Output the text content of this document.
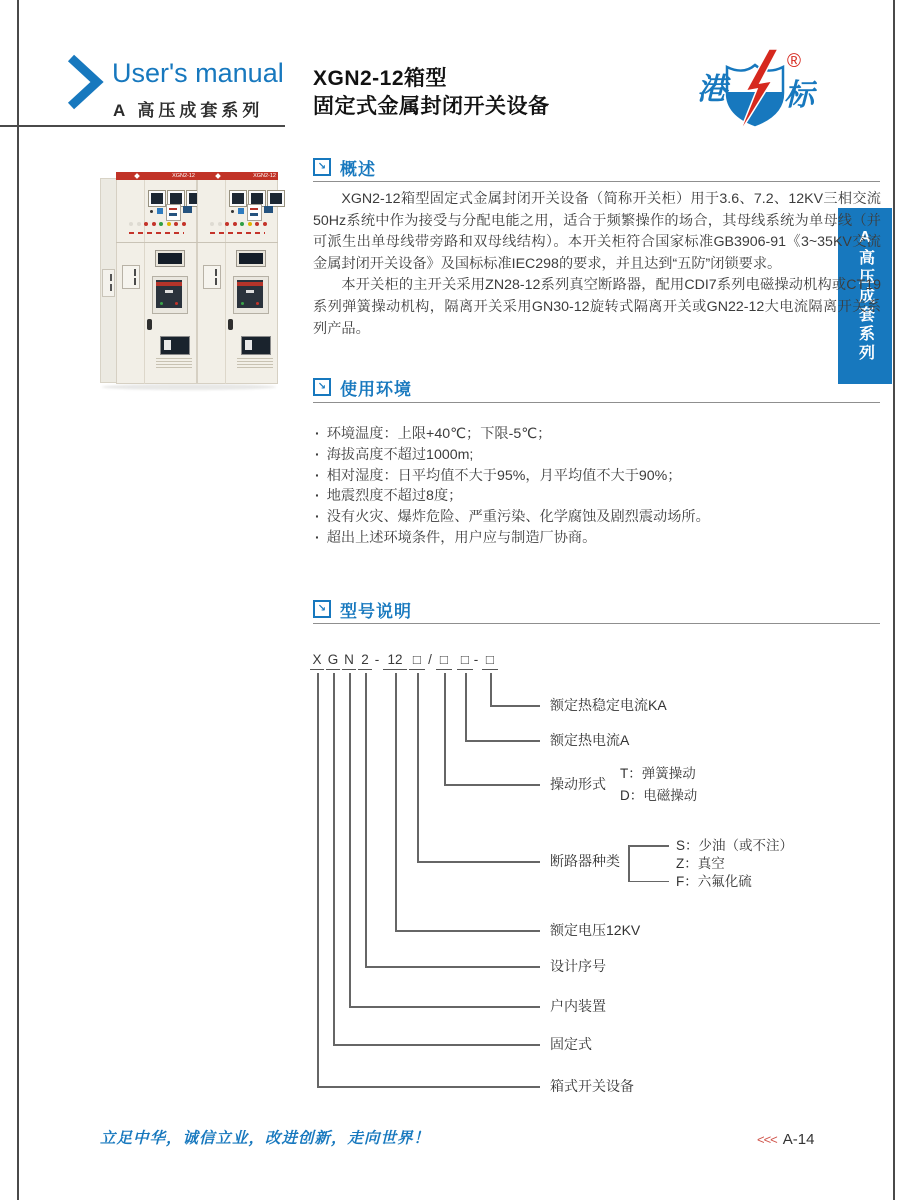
User's manual
A 高压成套系列
XGN2-12箱型
固定式金属封闭开关设备
港 标
®
A高压成套系列
XGN2-12	XGN2-12
↘ 概述

XGN2-12箱型固定式金属封闭开关设备（简称开关柜）用于3.6、7.2、12KV三相交流50Hz系统中作为接受与分配电能之用，适合于频繁操作的场合，其母线系统为单母线（并可派生出单母线带旁路和双母线结构）。本开关柜符合国家标准GB3906-91《3~35KV交流金属封闭开关设备》及国标标准IEC298的要求，并且达到“五防”闭锁要求。

本开关柜的主开关采用ZN28-12系列真空断路器，配用CDI7系列电磁操动机构或CT19系列弹簧操动机构，隔离开关采用GN30-12旋转式隔离开关或GN22-12大电流隔离开关系列产品。

↘ 使用环境
· 环境温度：上限+40℃；下限-5℃；
· 海拔高度不超过1000m;
· 相对湿度：日平均值不大于95%，月平均值不大于90%；
· 地震烈度不超过8度；
· 没有火灾、爆炸危险、严重污染、化学腐蚀及剧烈震动场所。
· 超出上述环境条件，用户应与制造厂协商。
↘ 型号说明
X G N 2 - 12 □ / □ □ - □
额定热稳定电流KA
额定热电流A
操动形式
断路器种类
额定电压12KV
设计序号
户内装置
固定式
箱式开关设备
T：弹簧操动
D：电磁操动
S：少油（或不注）
Z：真空
F：六氟化硫
立足中华，诚信立业，改进创新，走向世界！	<<< A-14
